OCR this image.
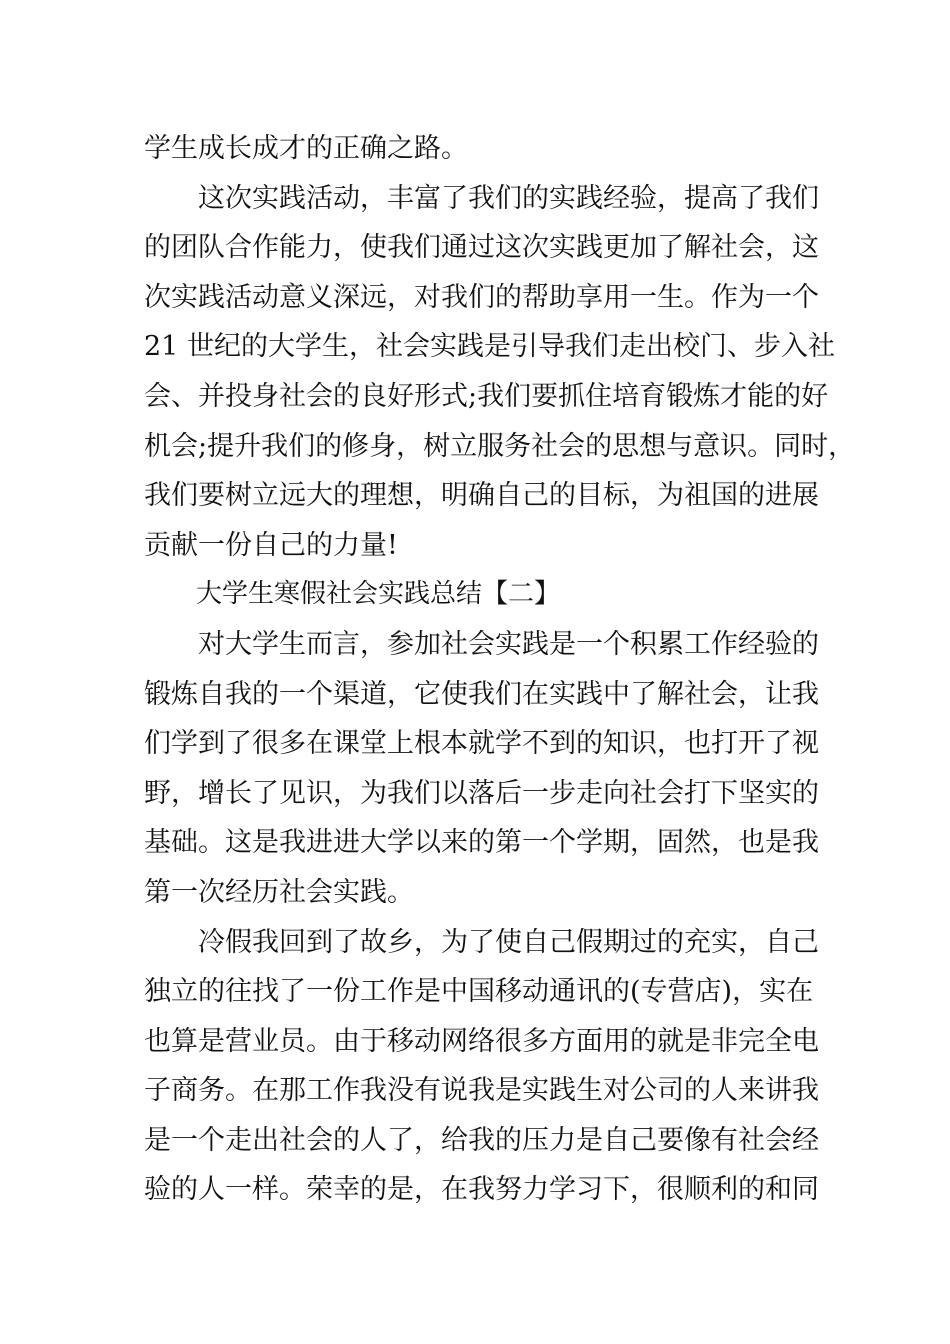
学生成长成才的正确之路。
这次实践活动，丰富了我们的实践经验，提高了我们
的团队合作能力，使我们通过这次实践更加了解社会，这
次实践活动意义深远，对我们的帮助享用一生。作为一个
21 世纪的大学生，社会实践是引导我们走出校门、步入社
会、并投身社会的良好形式;我们要抓住培育锻炼才能的好
机会;提升我们的修身，树立服务社会的思想与意识。同时，
我们要树立远大的理想，明确自己的目标，为祖国的进展
贡献一份自己的力量!
大学生寒假社会实践总结【二】
对大学生而言，参加社会实践是一个积累工作经验的
锻炼自我的一个渠道，它使我们在实践中了解社会，让我
们学到了很多在课堂上根本就学不到的知识，也打开了视
野，增长了见识，为我们以落后一步走向社会打下坚实的
基础。这是我进进大学以来的第一个学期，固然，也是我
第一次经历社会实践。
冷假我回到了故乡，为了使自己假期过的充实，自己
独立的往找了一份工作是中国移动通讯的(专营店)，实在
也算是营业员。由于移动网络很多方面用的就是非完全电
子商务。在那工作我没有说我是实践生对公司的人来讲我
是一个走出社会的人了，给我的压力是自己要像有社会经
验的人一样。荣幸的是，在我努力学习下，很顺利的和同
